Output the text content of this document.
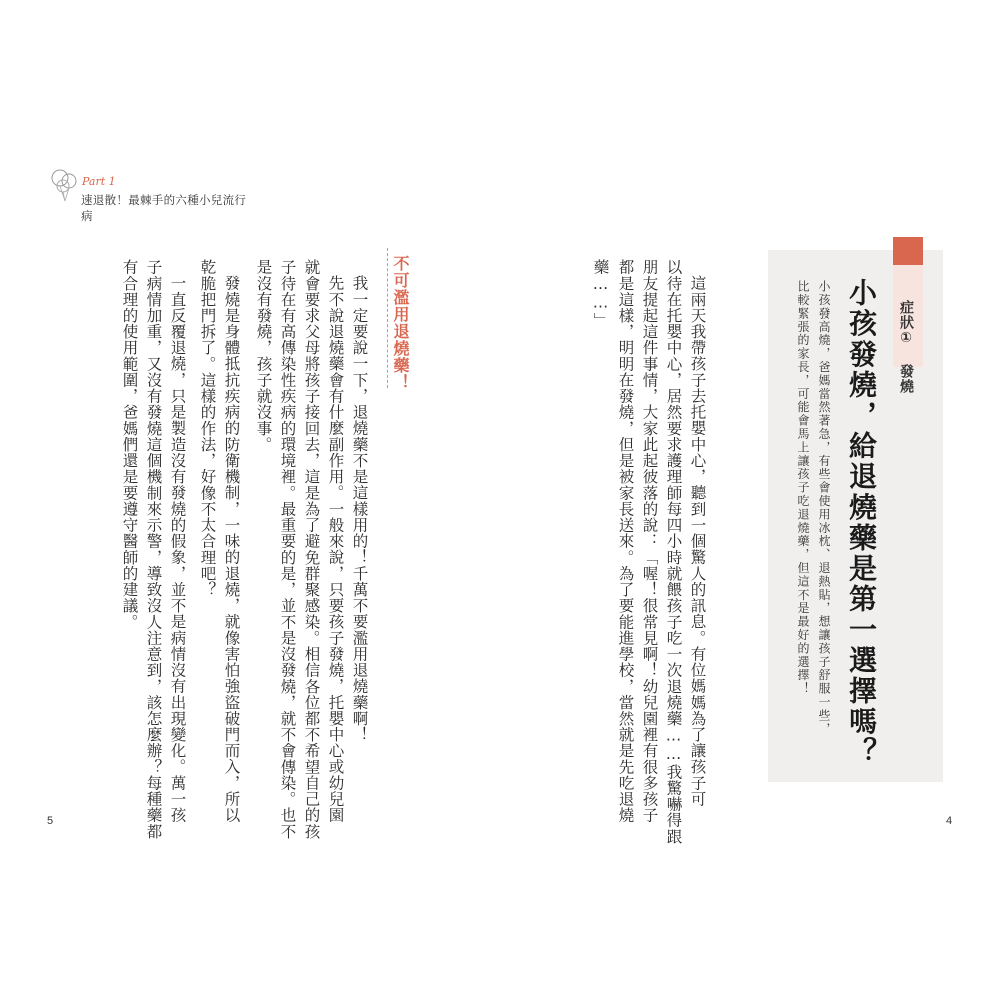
Part 1
速退散！最棘手的六種小兒流行病
症狀① 發燒
小孩發燒，給退燒藥是第一選擇嗎？
小孩發高燒，爸媽當然著急，有些會使用冰枕、退熱貼，想讓孩子舒服一些，
比較緊張的家長，可能會馬上讓孩子吃退燒藥，但這不是最好的選擇！
這兩天我帶孩子去托嬰中心，聽到一個驚人的訊息。有位媽媽為了讓孩子可
以待在托嬰中心，居然要求護理師每四小時就餵孩子吃一次退燒藥……我驚嚇得跟
朋友提起這件事情，大家此起彼落的說：「喔！很常見啊！幼兒園裡有很多孩子
都是這樣，明明在發燒，但是被家長送來。為了要能進學校，當然就是先吃退燒
藥……」
不可濫用退燒藥！
我一定要說一下，退燒藥不是這樣用的！千萬不要濫用退燒藥啊！
先不說退燒藥會有什麼副作用。一般來說，只要孩子發燒，托嬰中心或幼兒園
就會要求父母將孩子接回去，這是為了避免群聚感染。相信各位都不希望自己的孩
子待在有高傳染性疾病的環境裡。最重要的是，並不是沒發燒，就不會傳染。也不
是沒有發燒，孩子就沒事。
發燒是身體抵抗疾病的防衛機制，一味的退燒，就像害怕強盜破門而入，所以
乾脆把門拆了。這樣的作法，好像不太合理吧？
一直反覆退燒，只是製造沒有發燒的假象，並不是病情沒有出現變化。萬一孩
子病情加重，又沒有發燒這個機制來示警，導致沒人注意到，該怎麼辦？每種藥都
有合理的使用範圍，爸媽們還是要遵守醫師的建議。
5	4
